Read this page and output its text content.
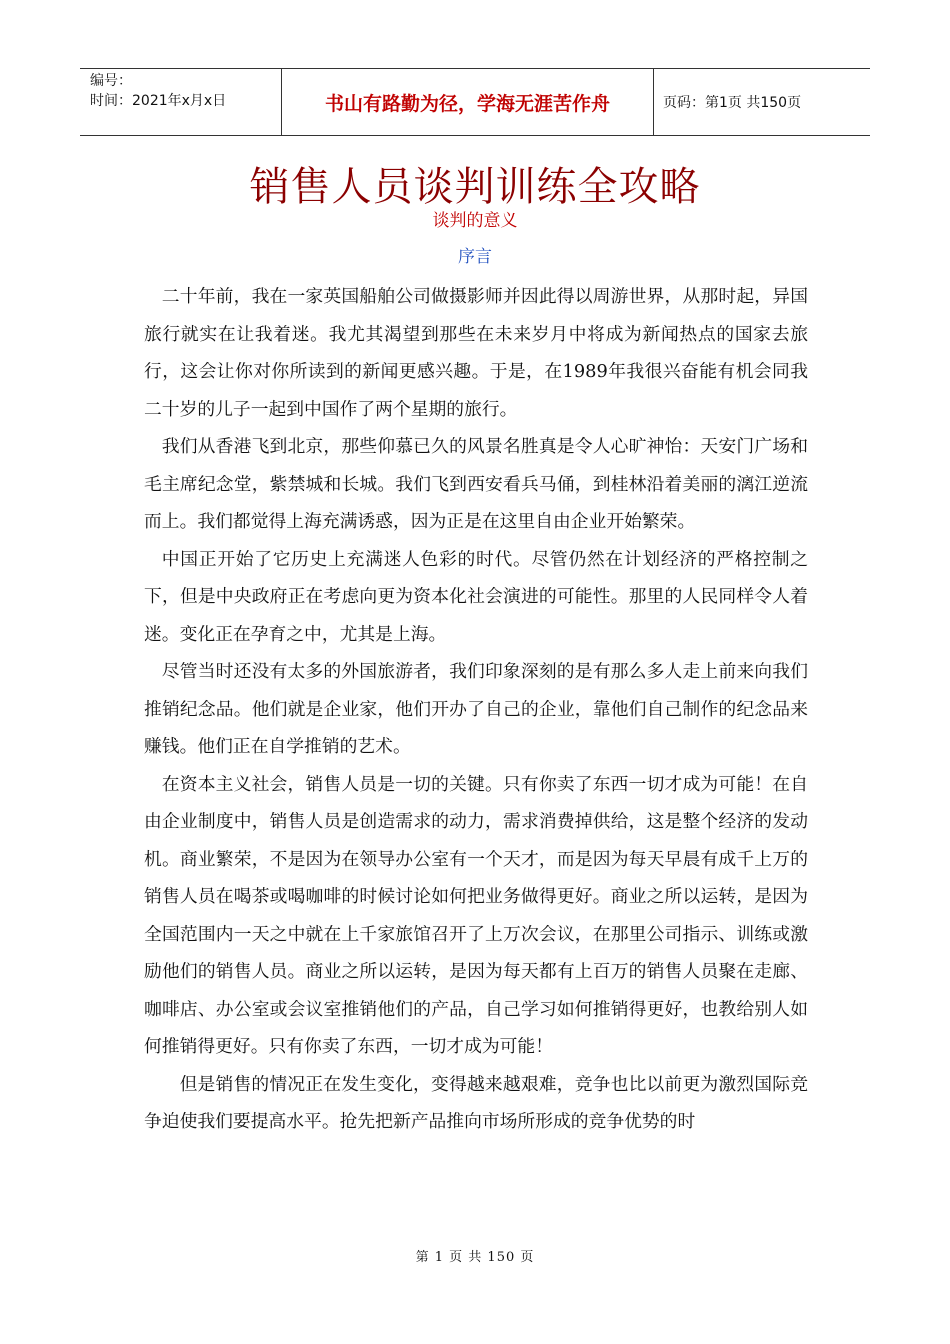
编号：
时间：2021年x月x日	书山有路勤为径，学海无涯苦作舟	页码：第1页 共150页
销售人员谈判训练全攻略
谈判的意义
序言

二十年前，我在一家英国船舶公司做摄影师并因此得以周游世界，从那时起，异国旅行就实在让我着迷。我尤其渴望到那些在未来岁月中将成为新闻热点的国家去旅行，这会让你对你所读到的新闻更感兴趣。于是，在1989年我很兴奋能有机会同我二十岁的儿子一起到中国作了两个星期的旅行。

我们从香港飞到北京，那些仰慕已久的风景名胜真是令人心旷神怡：天安门广场和毛主席纪念堂，紫禁城和长城。我们飞到西安看兵马俑，到桂林沿着美丽的漓江逆流而上。我们都觉得上海充满诱惑，因为正是在这里自由企业开始繁荣。

中国正开始了它历史上充满迷人色彩的时代。尽管仍然在计划经济的严格控制之下，但是中央政府正在考虑向更为资本化社会演进的可能性。那里的人民同样令人着迷。变化正在孕育之中，尤其是上海。

尽管当时还没有太多的外国旅游者，我们印象深刻的是有那么多人走上前来向我们推销纪念品。他们就是企业家，他们开办了自己的企业，靠他们自己制作的纪念品来赚钱。他们正在自学推销的艺术。

在资本主义社会，销售人员是一切的关键。只有你卖了东西一切才成为可能！在自由企业制度中，销售人员是创造需求的动力，需求消费掉供给，这是整个经济的发动机。商业繁荣，不是因为在领导办公室有一个天才，而是因为每天早晨有成千上万的销售人员在喝茶或喝咖啡的时候讨论如何把业务做得更好。商业之所以运转，是因为全国范围内一天之中就在上千家旅馆召开了上万次会议，在那里公司指示、训练或激励他们的销售人员。商业之所以运转，是因为每天都有上百万的销售人员聚在走廊、咖啡店、办公室或会议室推销他们的产品，自己学习如何推销得更好，也教给别人如何推销得更好。只有你卖了东西，一切才成为可能！

但是销售的情况正在发生变化，变得越来越艰难，竞争也比以前更为激烈国际竞争迫使我们要提高水平。抢先把新产品推向市场所形成的竞争优势的时

第 1 页 共 150 页
